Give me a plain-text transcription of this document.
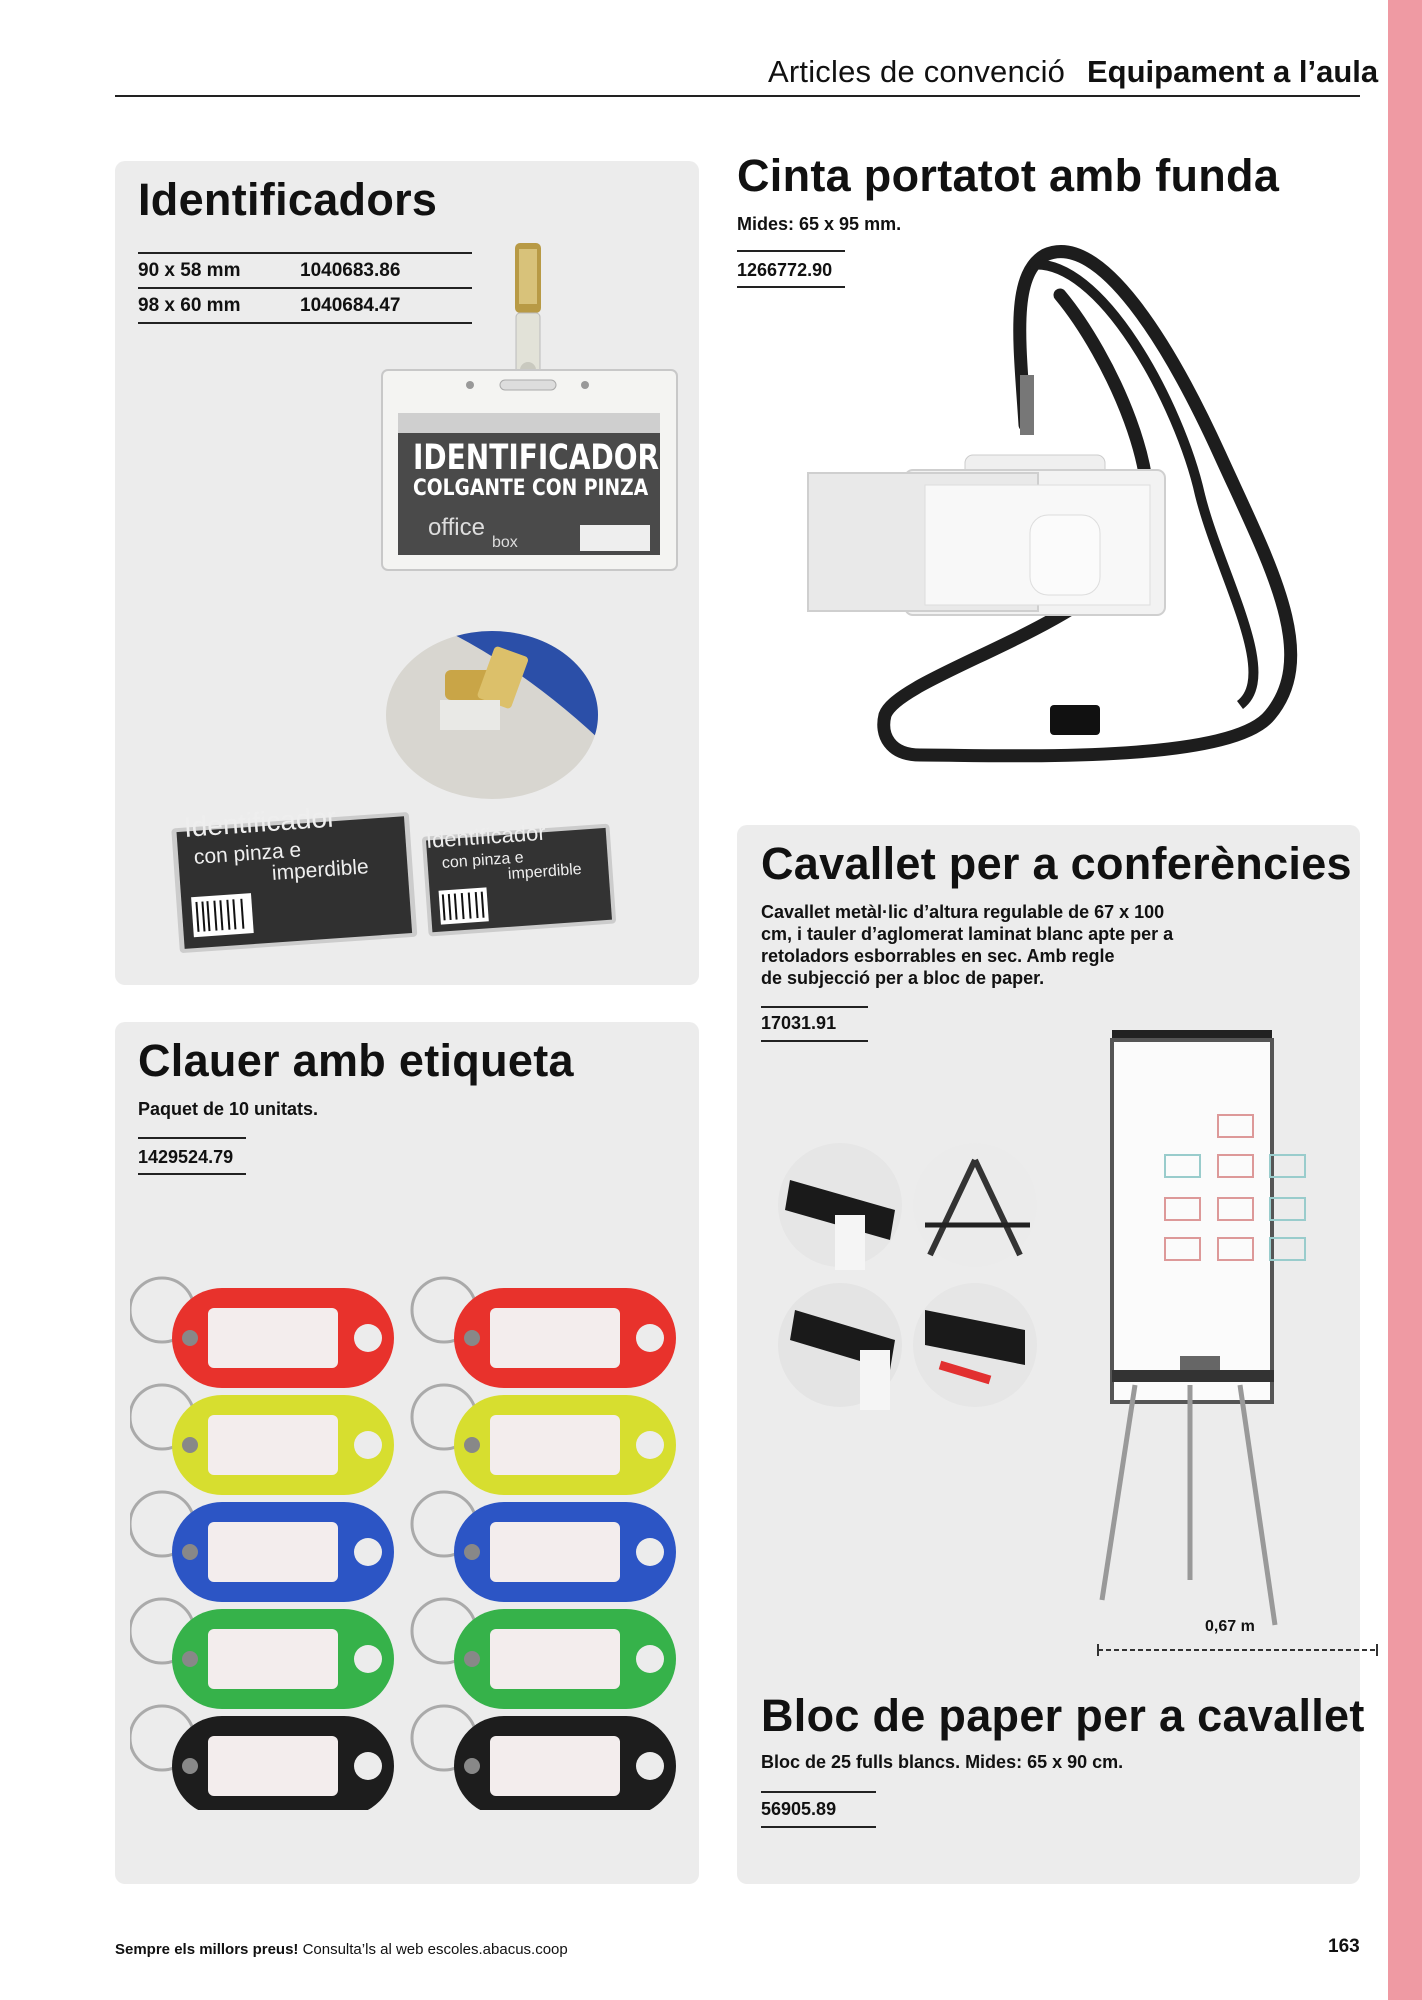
Articles de convenció Equipament a l’aula
Identificadors
90 x 58 mm	1040683.86
98 x 60 mm	1040684.47
IDENTIFICADOR
COLGANTE CON PINZA
office
box
Identificador
con pinza e
imperdible
Identificador
con pinza e
imperdible
Cinta portatot amb funda
Mides: 65 x 95 mm.
1266772.90
Clauer amb etiqueta
Paquet de 10 unitats.
1429524.79
Cavallet per a conferències
Cavallet metàl·lic d’altura regulable de 67 x 100
cm, i tauler d’aglomerat laminat blanc apte per a
retoladors esborrables en sec. Amb regle
de subjecció per a bloc de paper.
17031.91
0,67 m
Bloc de paper per a cavallet
Bloc de 25 fulls blancs. Mides: 65 x 90 cm.
56905.89
Sempre els millors preus! Consulta’ls al web escoles.abacus.coop	163
